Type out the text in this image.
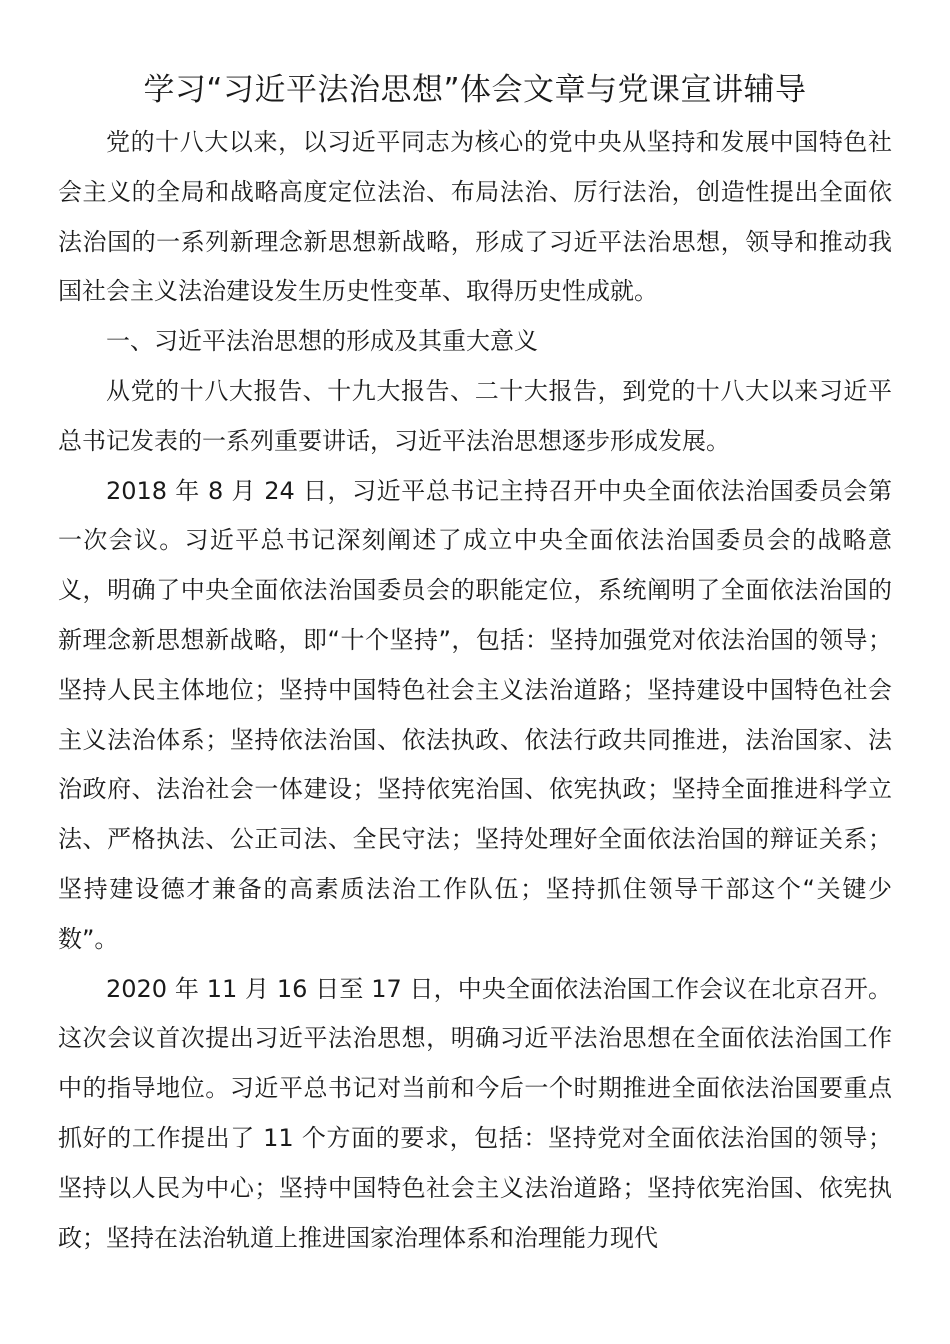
学习“习近平法治思想”体会文章与党课宣讲辅导

党的十八大以来，以习近平同志为核心的党中央从坚持和发展中国特色社会主义的全局和战略高度定位法治、布局法治、厉行法治，创造性提出全面依法治国的一系列新理念新思想新战略，形成了习近平法治思想，领导和推动我国社会主义法治建设发生历史性变革、取得历史性成就。

一、习近平法治思想的形成及其重大意义

从党的十八大报告、十九大报告、二十大报告，到党的十八大以来习近平总书记发表的一系列重要讲话，习近平法治思想逐步形成发展。

2018 年 8 月 24 日，习近平总书记主持召开中央全面依法治国委员会第一次会议。习近平总书记深刻阐述了成立中央全面依法治国委员会的战略意义，明确了中央全面依法治国委员会的职能定位，系统阐明了全面依法治国的新理念新思想新战略，即“十个坚持”，包括：坚持加强党对依法治国的领导；坚持人民主体地位；坚持中国特色社会主义法治道路；坚持建设中国特色社会主义法治体系；坚持依法治国、依法执政、依法行政共同推进，法治国家、法治政府、法治社会一体建设；坚持依宪治国、依宪执政；坚持全面推进科学立法、严格执法、公正司法、全民守法；坚持处理好全面依法治国的辩证关系；坚持建设德才兼备的高素质法治工作队伍；坚持抓住领导干部这个“关键少数”。

2020 年 11 月 16 日至 17 日，中央全面依法治国工作会议在北京召开。这次会议首次提出习近平法治思想，明确习近平法治思想在全面依法治国工作中的指导地位。习近平总书记对当前和今后一个时期推进全面依法治国要重点抓好的工作提出了 11 个方面的要求，包括：坚持党对全面依法治国的领导；坚持以人民为中心；坚持中国特色社会主义法治道路；坚持依宪治国、依宪执政；坚持在法治轨道上推进国家治理体系和治理能力现代
